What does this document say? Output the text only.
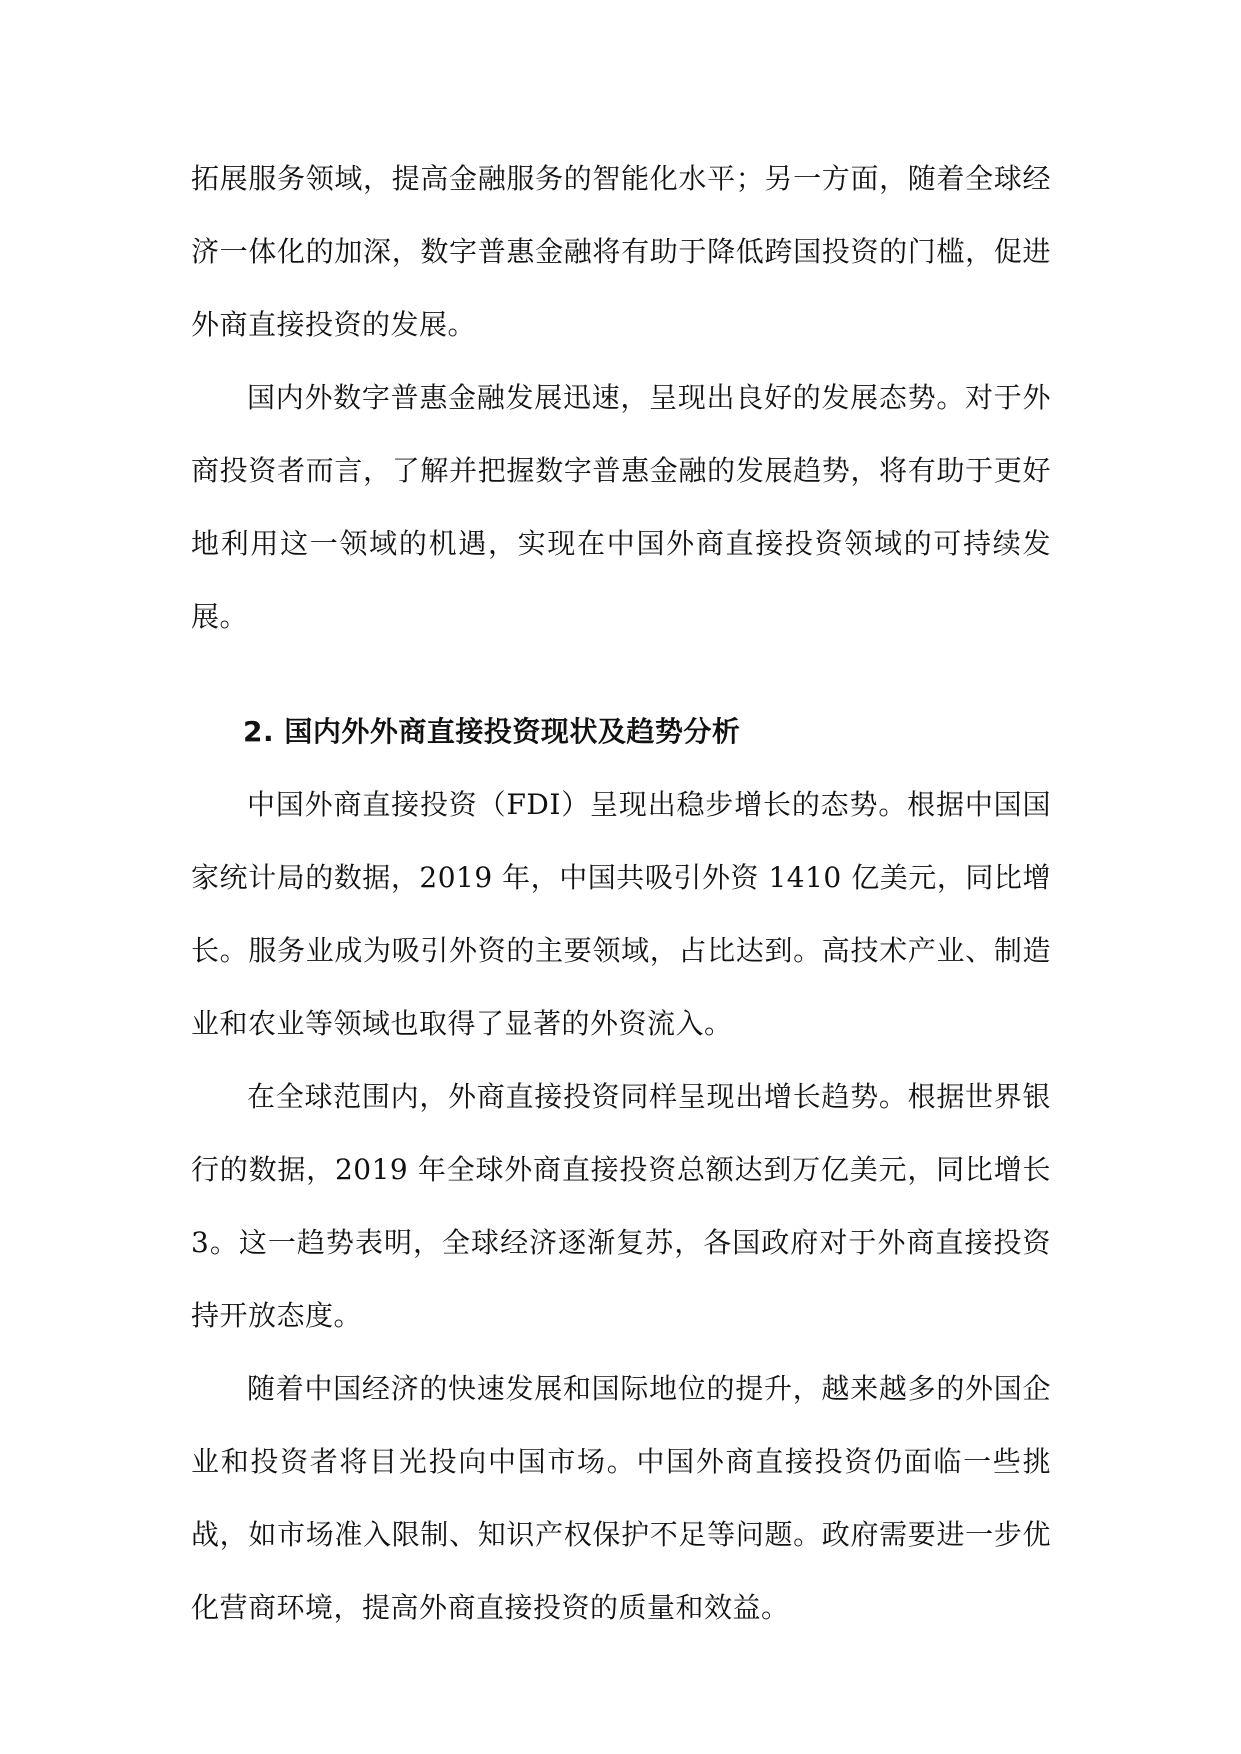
拓展服务领域，提高金融服务的智能化水平；另一方面，随着全球经济一体化的加深，数字普惠金融将有助于降低跨国投资的门槛，促进外商直接投资的发展。

国内外数字普惠金融发展迅速，呈现出良好的发展态势。对于外商投资者而言，了解并把握数字普惠金融的发展趋势，将有助于更好地利用这一领域的机遇，实现在中国外商直接投资领域的可持续发展。

2. 国内外外商直接投资现状及趋势分析

中国外商直接投资（FDI）呈现出稳步增长的态势。根据中国国家统计局的数据，2019 年，中国共吸引外资 1410 亿美元，同比增长。服务业成为吸引外资的主要领域，占比达到。高技术产业、制造业和农业等领域也取得了显著的外资流入。

在全球范围内，外商直接投资同样呈现出增长趋势。根据世界银行的数据，2019 年全球外商直接投资总额达到万亿美元，同比增长 3。这一趋势表明，全球经济逐渐复苏，各国政府对于外商直接投资持开放态度。

随着中国经济的快速发展和国际地位的提升，越来越多的外国企业和投资者将目光投向中国市场。中国外商直接投资仍面临一些挑战，如市场准入限制、知识产权保护不足等问题。政府需要进一步优化营商环境，提高外商直接投资的质量和效益。
